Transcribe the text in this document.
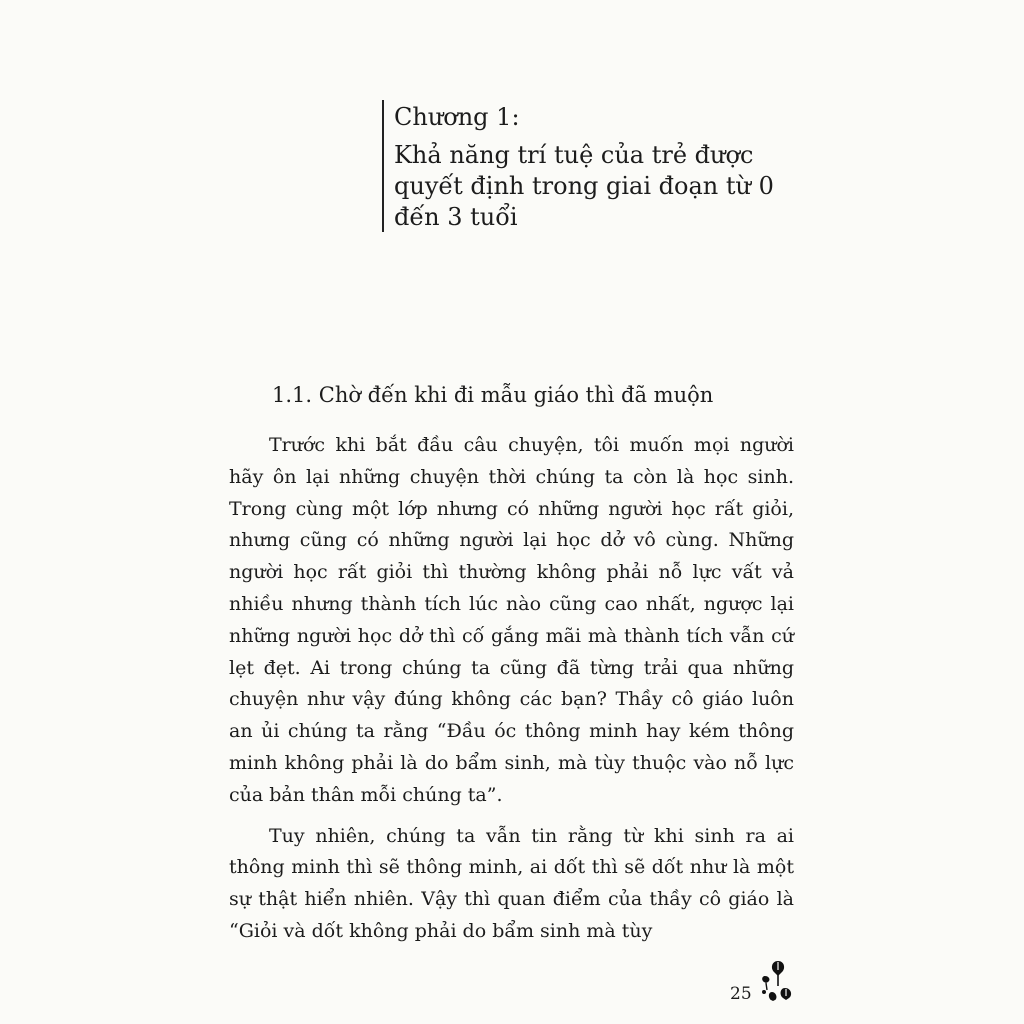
Chương 1:
Khả năng trí tuệ của trẻ được quyết định trong giai đoạn từ 0 đến 3 tuổi
1.1. Chờ đến khi đi mẫu giáo thì đã muộn

Trước khi bắt đầu câu chuyện, tôi muốn mọi người hãy ôn lại những chuyện thời chúng ta còn là học sinh. Trong cùng một lớp nhưng có những người học rất giỏi, nhưng cũng có những người lại học dở vô cùng. Những người học rất giỏi thì thường không phải nỗ lực vất vả nhiều nhưng thành tích lúc nào cũng cao nhất, ngược lại những người học dở thì cố gắng mãi mà thành tích vẫn cứ lẹt đẹt. Ai trong chúng ta cũng đã từng trải qua những chuyện như vậy đúng không các bạn? Thầy cô giáo luôn an ủi chúng ta rằng “Đầu óc thông minh hay kém thông minh không phải là do bẩm sinh, mà tùy thuộc vào nỗ lực của bản thân mỗi chúng ta”.

Tuy nhiên, chúng ta vẫn tin rằng từ khi sinh ra ai thông minh thì sẽ thông minh, ai dốt thì sẽ dốt như là một sự thật hiển nhiên. Vậy thì quan điểm của thầy cô giáo là “Giỏi và dốt không phải do bẩm sinh mà tùy

25
